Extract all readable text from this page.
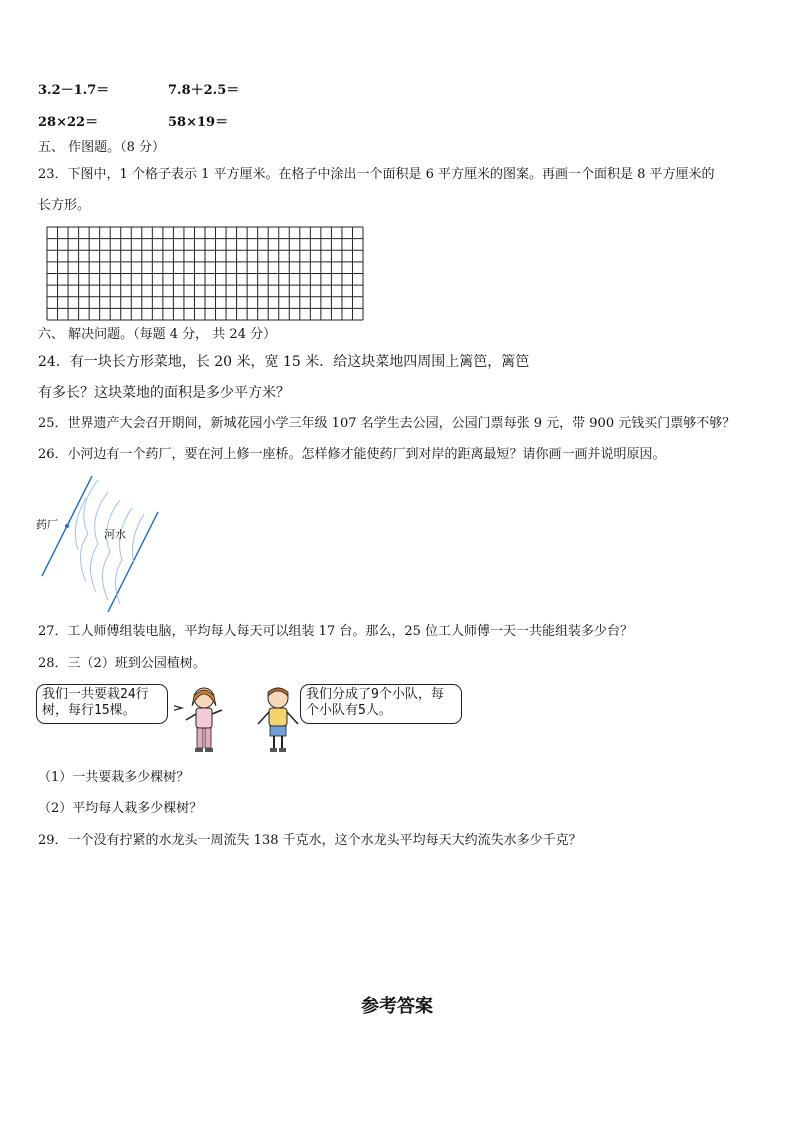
3.2－1.7＝	7.8＋2.5＝
28×22＝	58×19＝
五、 作图题。（8 分）
23．下图中，1 个格子表示 1 平方厘米。在格子中涂出一个面积是 6 平方厘米的图案。再画一个面积是 8 平方厘米的
长方形。
六、 解决问题。（每题 4 分， 共 24 分）
24．有一块长方形菜地，长 20 米，宽 15 米．给这块菜地四周围上篱笆，篱笆
有多长？这块菜地的面积是多少平方米？
25．世界遗产大会召开期间，新城花园小学三年级 107 名学生去公园，公园门票每张 9 元，带 900 元钱买门票够不够？
26．小河边有一个药厂，要在河上修一座桥。怎样修才能使药厂到对岸的距离最短？请你画一画并说明原因。
药厂
河水
27．工人师傅组装电脑，平均每人每天可以组装 17 台。那么，25 位工人师傅一天一共能组装多少台？
28．三（2）班到公园植树。
我们一共要栽24行树，每行15棵。
我们分成了9个小队，每个小队有5人。
（1）一共要栽多少棵树？
（2）平均每人栽多少棵树？
29．一个没有拧紧的水龙头一周流失 138 千克水，这个水龙头平均每天大约流失水多少千克？
参考答案
